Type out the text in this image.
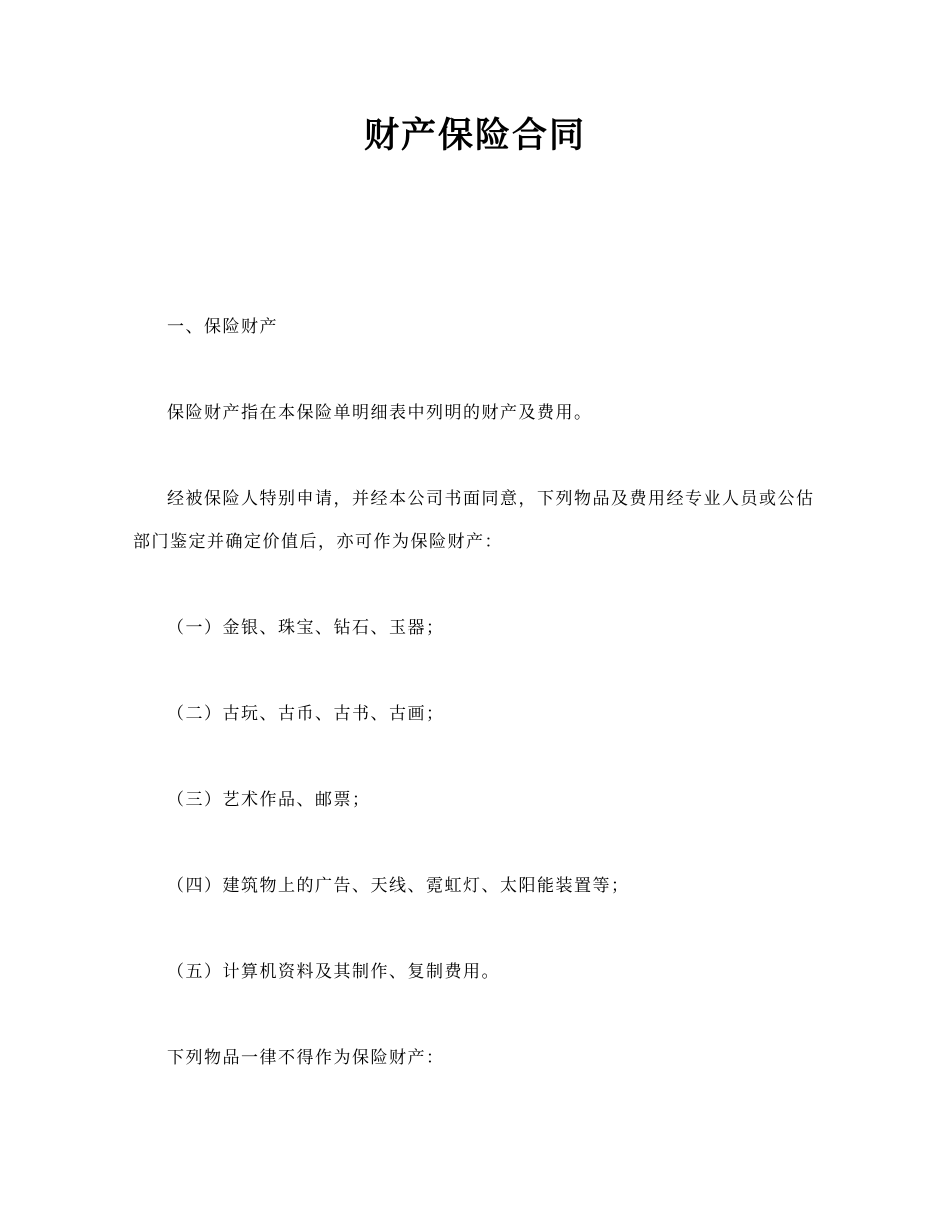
财产保险合同

一、保险财产

保险财产指在本保险单明细表中列明的财产及费用。

经被保险人特别申请，并经本公司书面同意，下列物品及费用经专业人员或公估部门鉴定并确定价值后，亦可作为保险财产：

（一）金银、珠宝、钻石、玉器；

（二）古玩、古币、古书、古画；

（三）艺术作品、邮票；

（四）建筑物上的广告、天线、霓虹灯、太阳能装置等；

（五）计算机资料及其制作、复制费用。

下列物品一律不得作为保险财产：
